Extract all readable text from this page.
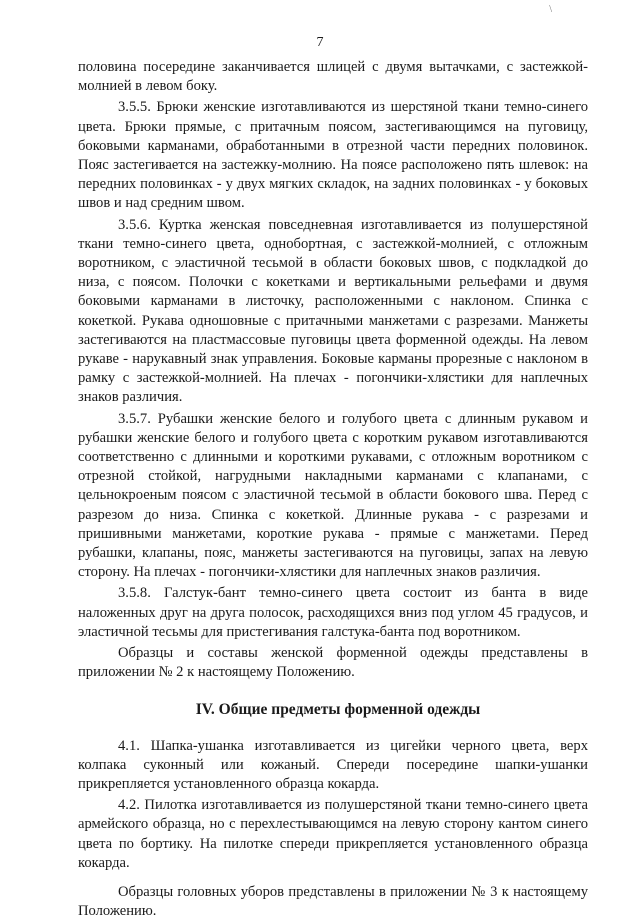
\
7

половина посередине заканчивается шлицей с двумя вытачками, с застежкой-молнией в левом боку.

3.5.5. Брюки женские изготавливаются из шерстяной ткани темно-синего цвета. Брюки прямые, с притачным поясом, застегивающимся на пуговицу, боковыми карманами, обработанными в отрезной части передних половинок. Пояс застегивается на застежку-молнию. На поясе расположено пять шлевок: на передних половинках - у двух мягких складок, на задних половинках - у боковых швов и над средним швом.

3.5.6. Куртка женская повседневная изготавливается из полушерстяной ткани темно-синего цвета, однобортная, с застежкой-молнией, с отложным воротником, с эластичной тесьмой в области боковых швов, с подкладкой до низа, с поясом. Полочки с кокетками и вертикальными рельефами и двумя боковыми карманами в листочку, расположенными с наклоном. Спинка с кокеткой. Рукава одношовные с притачными манжетами с разрезами. Манжеты застегиваются на пластмассовые пуговицы цвета форменной одежды. На левом рукаве - нарукавный знак управления. Боковые карманы прорезные с наклоном в рамку с застежкой-молнией. На плечах - погончики-хлястики для наплечных знаков различия.

3.5.7. Рубашки женские белого и голубого цвета с длинным рукавом и рубашки женские белого и голубого цвета с коротким рукавом изготавливаются соответственно с длинными и короткими рукавами, с отложным воротником с отрезной стойкой, нагрудными накладными карманами с клапанами, с цельнокроеным поясом с эластичной тесьмой в области бокового шва. Перед с разрезом до низа. Спинка с кокеткой. Длинные рукава - с разрезами и пришивными манжетами, короткие рукава - прямые с манжетами. Перед рубашки, клапаны, пояс, манжеты застегиваются на пуговицы, запах на левую сторону. На плечах - погончики-хлястики для наплечных знаков различия.

3.5.8. Галстук-бант темно-синего цвета состоит из банта в виде наложенных друг на друга полосок, расходящихся вниз под углом 45 градусов, и эластичной тесьмы для пристегивания галстука-банта под воротником.

Образцы и составы женской форменной одежды представлены в приложении № 2 к настоящему Положению.

IV. Общие предметы форменной одежды

4.1. Шапка-ушанка изготавливается из цигейки черного цвета, верх колпака суконный или кожаный. Спереди посередине шапки-ушанки прикрепляется установленного образца кокарда.

4.2. Пилотка изготавливается из полушерстяной ткани темно-синего цвета армейского образца, но с перехлестывающимся на левую сторону кантом синего цвета по бортику. На пилотке спереди прикрепляется установленного образца кокарда.

Образцы головных уборов представлены в приложении № 3 к настоящему Положению.
